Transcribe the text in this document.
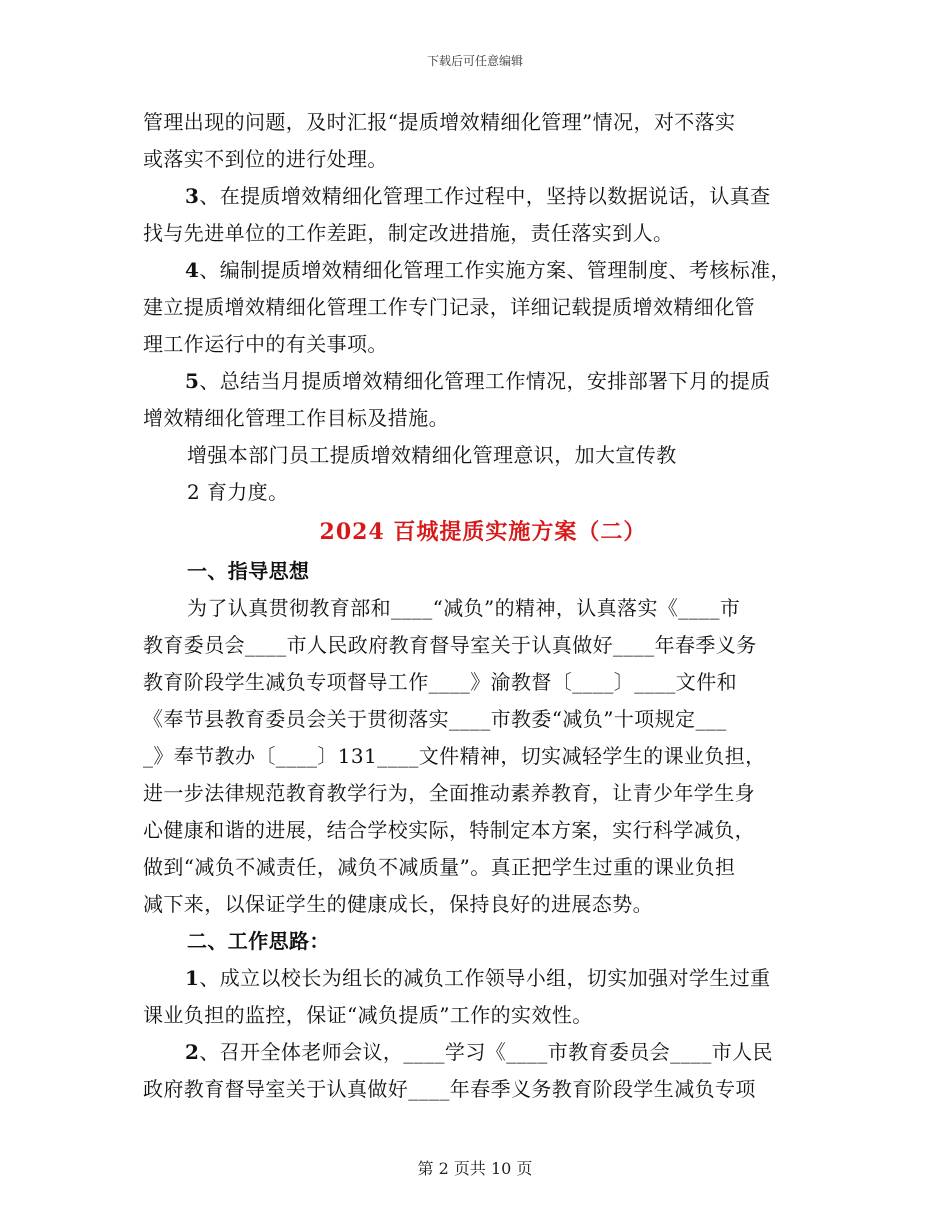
下载后可任意编辑
管理出现的问题，及时汇报“提质增效精细化管理”情况，对不落实
或落实不到位的进行处理。
3、在提质增效精细化管理工作过程中，坚持以数据说话，认真查
找与先进单位的工作差距，制定改进措施，责任落实到人。
4、编制提质增效精细化管理工作实施方案、管理制度、考核标准，
建立提质增效精细化管理工作专门记录，详细记载提质增效精细化管
理工作运行中的有关事项。
5、总结当月提质增效精细化管理工作情况，安排部署下月的提质
增效精细化管理工作目标及措施。
增强本部门员工提质增效精细化管理意识，加大宣传教
2 育力度。
2024 百城提质实施方案（二）
一、指导思想
为了认真贯彻教育部和____“减负”的精神，认真落实《____市
教育委员会____市人民政府教育督导室关于认真做好____年春季义务
教育阶段学生减负专项督导工作____》渝教督〔____〕____文件和
《奉节县教育委员会关于贯彻落实____市教委“减负”十项规定___
_》奉节教办〔____〕131____文件精神，切实减轻学生的课业负担，
进一步法律规范教育教学行为，全面推动素养教育，让青少年学生身
心健康和谐的进展，结合学校实际，特制定本方案，实行科学减负，
做到“减负不减责任，减负不减质量”。真正把学生过重的课业负担
减下来，以保证学生的健康成长，保持良好的进展态势。
二、工作思路：
1、成立以校长为组长的减负工作领导小组，切实加强对学生过重
课业负担的监控，保证“减负提质”工作的实效性。
2、召开全体老师会议，____学习《____市教育委员会____市人民
政府教育督导室关于认真做好____年春季义务教育阶段学生减负专项
第 2 页共 10 页
